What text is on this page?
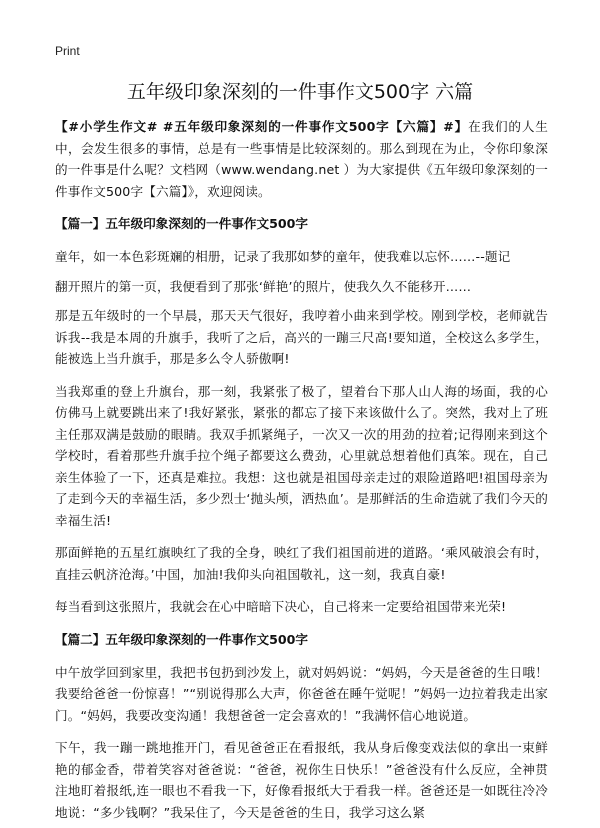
Print
五年级印象深刻的一件事作文500字 六篇

【#小学生作文# #五年级印象深刻的一件事作文500字【六篇】#】在我们的人生中，会发生很多的事情，总是有一些事情是比较深刻的。那么到现在为止，令你印象深的一件事是什么呢？文档网（www.wendang.net ）为大家提供《五年级印象深刻的一件事作文500字【六篇】》，欢迎阅读。

【篇一】五年级印象深刻的一件事作文500字

童年，如一本色彩斑斓的相册，记录了我那如梦的童年，使我难以忘怀……--题记

翻开照片的第一页，我便看到了那张‘鲜艳’的照片，使我久久不能移开……

那是五年级时的一个早晨，那天天气很好，我哼着小曲来到学校。刚到学校，老师就告诉我--我是本周的升旗手，我听了之后，高兴的一蹦三尺高!要知道，全校这么多学生，能被选上当升旗手，那是多么令人骄傲啊!

当我郑重的登上升旗台，那一刻，我紧张了极了，望着台下那人山人海的场面，我的心仿佛马上就要跳出来了!我好紧张，紧张的都忘了接下来该做什么了。突然，我对上了班主任那双满是鼓励的眼睛。我双手抓紧绳子，一次又一次的用劲的拉着;记得刚来到这个学校时，看着那些升旗手拉个绳子都要这么费劲，心里就总想着他们真笨。现在，自己亲生体验了一下，还真是难拉。我想：这也就是祖国母亲走过的艰险道路吧!祖国母亲为了走到今天的幸福生活，多少烈士‘抛头颅，洒热血’。是那鲜活的生命造就了我们今天的幸福生活!

那面鲜艳的五星红旗映红了我的全身，映红了我们祖国前进的道路。‘乘风破浪会有时，直挂云帆济沧海。’中国，加油!我仰头向祖国敬礼，这一刻，我真自豪!

每当看到这张照片，我就会在心中暗暗下决心，自己将来一定要给祖国带来光荣!

【篇二】五年级印象深刻的一件事作文500字

中午放学回到家里，我把书包扔到沙发上，就对妈妈说：“妈妈，今天是爸爸的生日哦！我要给爸爸一份惊喜！”“别说得那么大声，你爸爸在睡午觉呢！”妈妈一边拉着我走出家门。“妈妈，我要改变沟通！我想爸爸一定会喜欢的！”我满怀信心地说道。

下午，我一蹦一跳地推开门，看见爸爸正在看报纸，我从身后像变戏法似的拿出一束鲜艳的郁金香，带着笑容对爸爸说：“爸爸，祝你生日快乐！”爸爸没有什么反应，全神贯注地盯着报纸,连一眼也不看我一下，好像看报纸大于看我一样。爸爸还是一如既往冷冷地说：“多少钱啊？”我呆住了，今天是爸爸的生日，我学习这么紧
